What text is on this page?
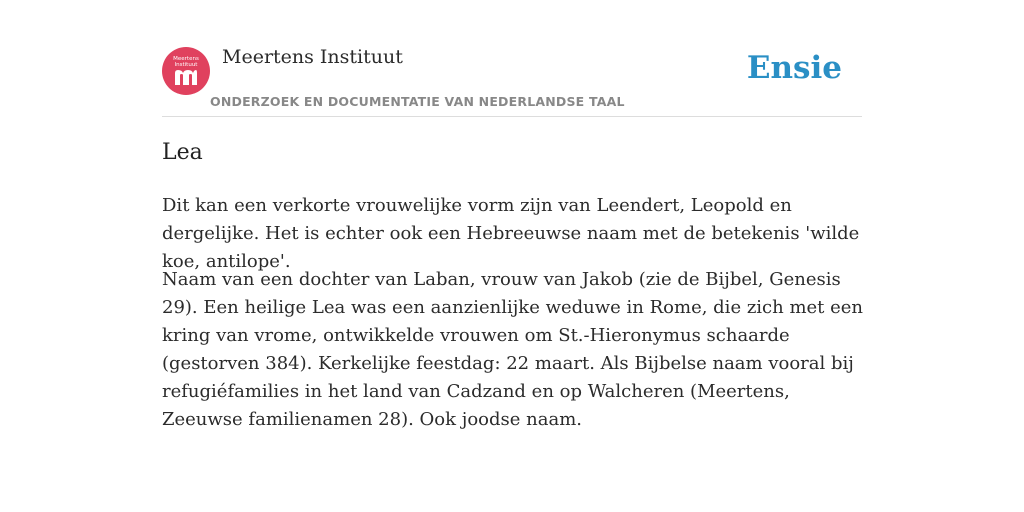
Meertens
Instituut	Meertens Instituut
ONDERZOEK EN DOCUMENTATIE VAN NEDERLANDSE TAAL
Ensie
Lea

Dit kan een verkorte vrouwelijke vorm zijn van Leendert, Leopold en dergelijke. Het is echter ook een Hebreeuwse naam met de betekenis 'wilde koe, antilope'.

Naam van een dochter van Laban, vrouw van Jakob (zie de Bijbel, Genesis 29). Een heilige Lea was een aanzienlijke weduwe in Rome, die zich met een kring van vrome, ontwikkelde vrouwen om St.-Hieronymus schaarde (gestorven 384). Kerkelijke feestdag: 22 maart. Als Bijbelse naam vooral bij refugiéfamilies in het land van Cadzand en op Walcheren (Meertens, Zeeuwse familienamen 28). Ook joodse naam.
